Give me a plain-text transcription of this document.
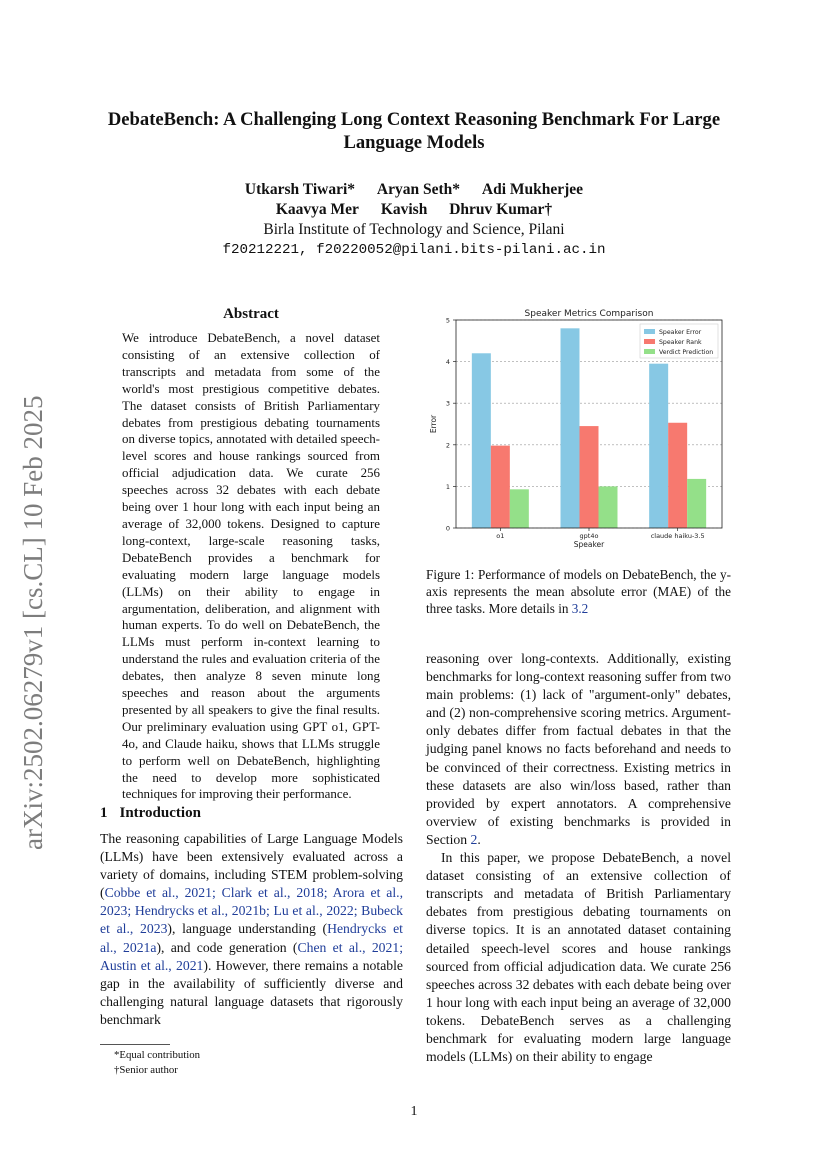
arXiv:2502.06279v1 [cs.CL] 10 Feb 2025
DebateBench: A Challenging Long Context Reasoning Benchmark For Large Language Models
Utkarsh Tiwari* Aryan Seth* Adi Mukherjee
Kaavya Mer Kavish Dhruv Kumar†
Birla Institute of Technology and Science, Pilani
f20212221, f20220052@pilani.bits-pilani.ac.in
Abstract
We introduce DebateBench, a novel dataset consisting of an extensive collection of transcripts and metadata from some of the world's most prestigious competitive debates. The dataset consists of British Parliamentary debates from prestigious debating tournaments on diverse topics, annotated with detailed speech-level scores and house rankings sourced from official adjudication data. We curate 256 speeches across 32 debates with each debate being over 1 hour long with each input being an average of 32,000 tokens. Designed to capture long-context, large-scale reasoning tasks, DebateBench provides a benchmark for evaluating modern large language models (LLMs) on their ability to engage in argumentation, deliberation, and alignment with human experts. To do well on DebateBench, the LLMs must perform in-context learning to understand the rules and evaluation criteria of the debates, then analyze 8 seven minute long speeches and reason about the arguments presented by all speakers to give the final results. Our preliminary evaluation using GPT o1, GPT-4o, and Claude haiku, shows that LLMs struggle to perform well on DebateBench, highlighting the need to develop more sophisticated techniques for improving their performance.
1 Introduction
The reasoning capabilities of Large Language Models (LLMs) have been extensively evaluated across a variety of domains, including STEM problem-solving (Cobbe et al., 2021; Clark et al., 2018; Arora et al., 2023; Hendrycks et al., 2021b; Lu et al., 2022; Bubeck et al., 2023), language understanding (Hendrycks et al., 2021a), and code generation (Chen et al., 2021; Austin et al., 2021). However, there remains a notable gap in the availability of sufficiently diverse and challenging natural language datasets that rigorously benchmark
*Equal contribution
†Senior author
Speaker Metrics Comparison
0
1
2
3
4
5
o1	gpt4o	claude haiku-3.5
Speaker
Error
Speaker Error
Speaker Rank
Verdict Prediction
Figure 1: Performance of models on DebateBench, the y-axis represents the mean absolute error (MAE) of the three tasks. More details in 3.2

reasoning over long-contexts. Additionally, existing benchmarks for long-context reasoning suffer from two main problems: (1) lack of "argument-only" debates, and (2) non-comprehensive scoring metrics. Argument-only debates differ from factual debates in that the judging panel knows no facts beforehand and needs to be convinced of their correctness. Existing metrics in these datasets are also win/loss based, rather than provided by expert annotators. A comprehensive overview of existing benchmarks is provided in Section 2.

In this paper, we propose DebateBench, a novel dataset consisting of an extensive collection of transcripts and metadata of British Parliamentary debates from prestigious debating tournaments on diverse topics. It is an annotated dataset containing detailed speech-level scores and house rankings sourced from official adjudication data. We curate 256 speeches across 32 debates with each debate being over 1 hour long with each input being an average of 32,000 tokens. DebateBench serves as a challenging benchmark for evaluating modern large language models (LLMs) on their ability to engage

1
